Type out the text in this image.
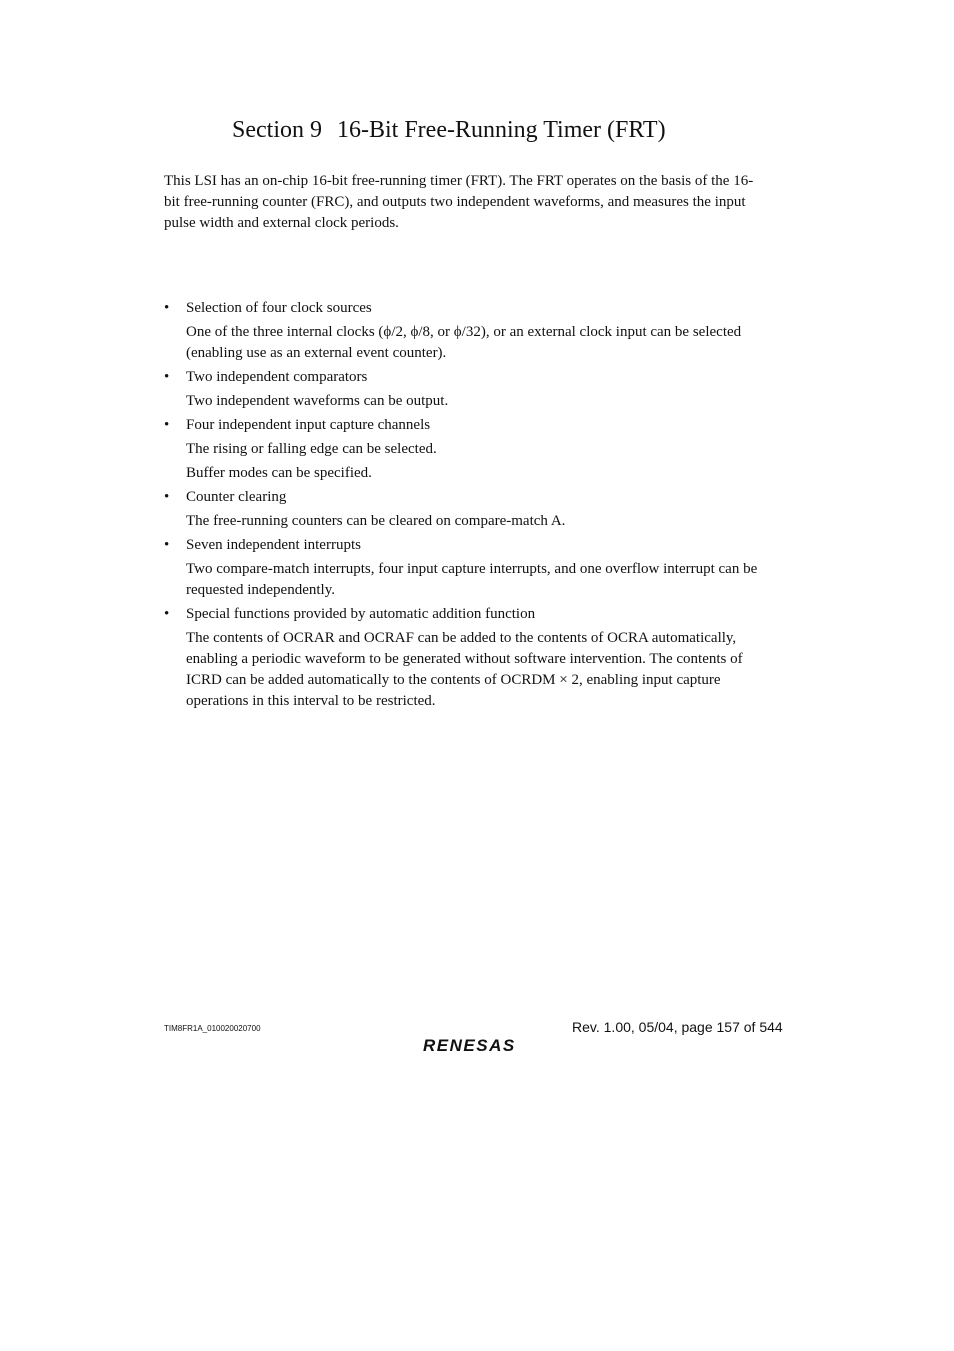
Section 9 16-Bit Free-Running Timer (FRT)

This LSI has an on-chip 16-bit free-running timer (FRT). The FRT operates on the basis of the 16-
bit free-running counter (FRC), and outputs two independent waveforms, and measures the input
pulse width and external clock periods.

•	Selection of four clock sources
One of the three internal clocks (ϕ/2, ϕ/8, or ϕ/32), or an external clock input can be selected
(enabling use as an external event counter).
•	Two independent comparators
Two independent waveforms can be output.
•	Four independent input capture channels
The rising or falling edge can be selected.
Buffer modes can be specified.
•	Counter clearing
The free-running counters can be cleared on compare-match A.
•	Seven independent interrupts
Two compare-match interrupts, four input capture interrupts, and one overflow interrupt can be
requested independently.
•	Special functions provided by automatic addition function
The contents of OCRAR and OCRAF can be added to the contents of OCRA automatically,
enabling a periodic waveform to be generated without software intervention. The contents of
ICRD can be added automatically to the contents of OCRDM × 2, enabling input capture
operations in this interval to be restricted.
TIM8FR1A_010020020700	Rev. 1.00, 05/04, page 157 of 544
RENESAS
